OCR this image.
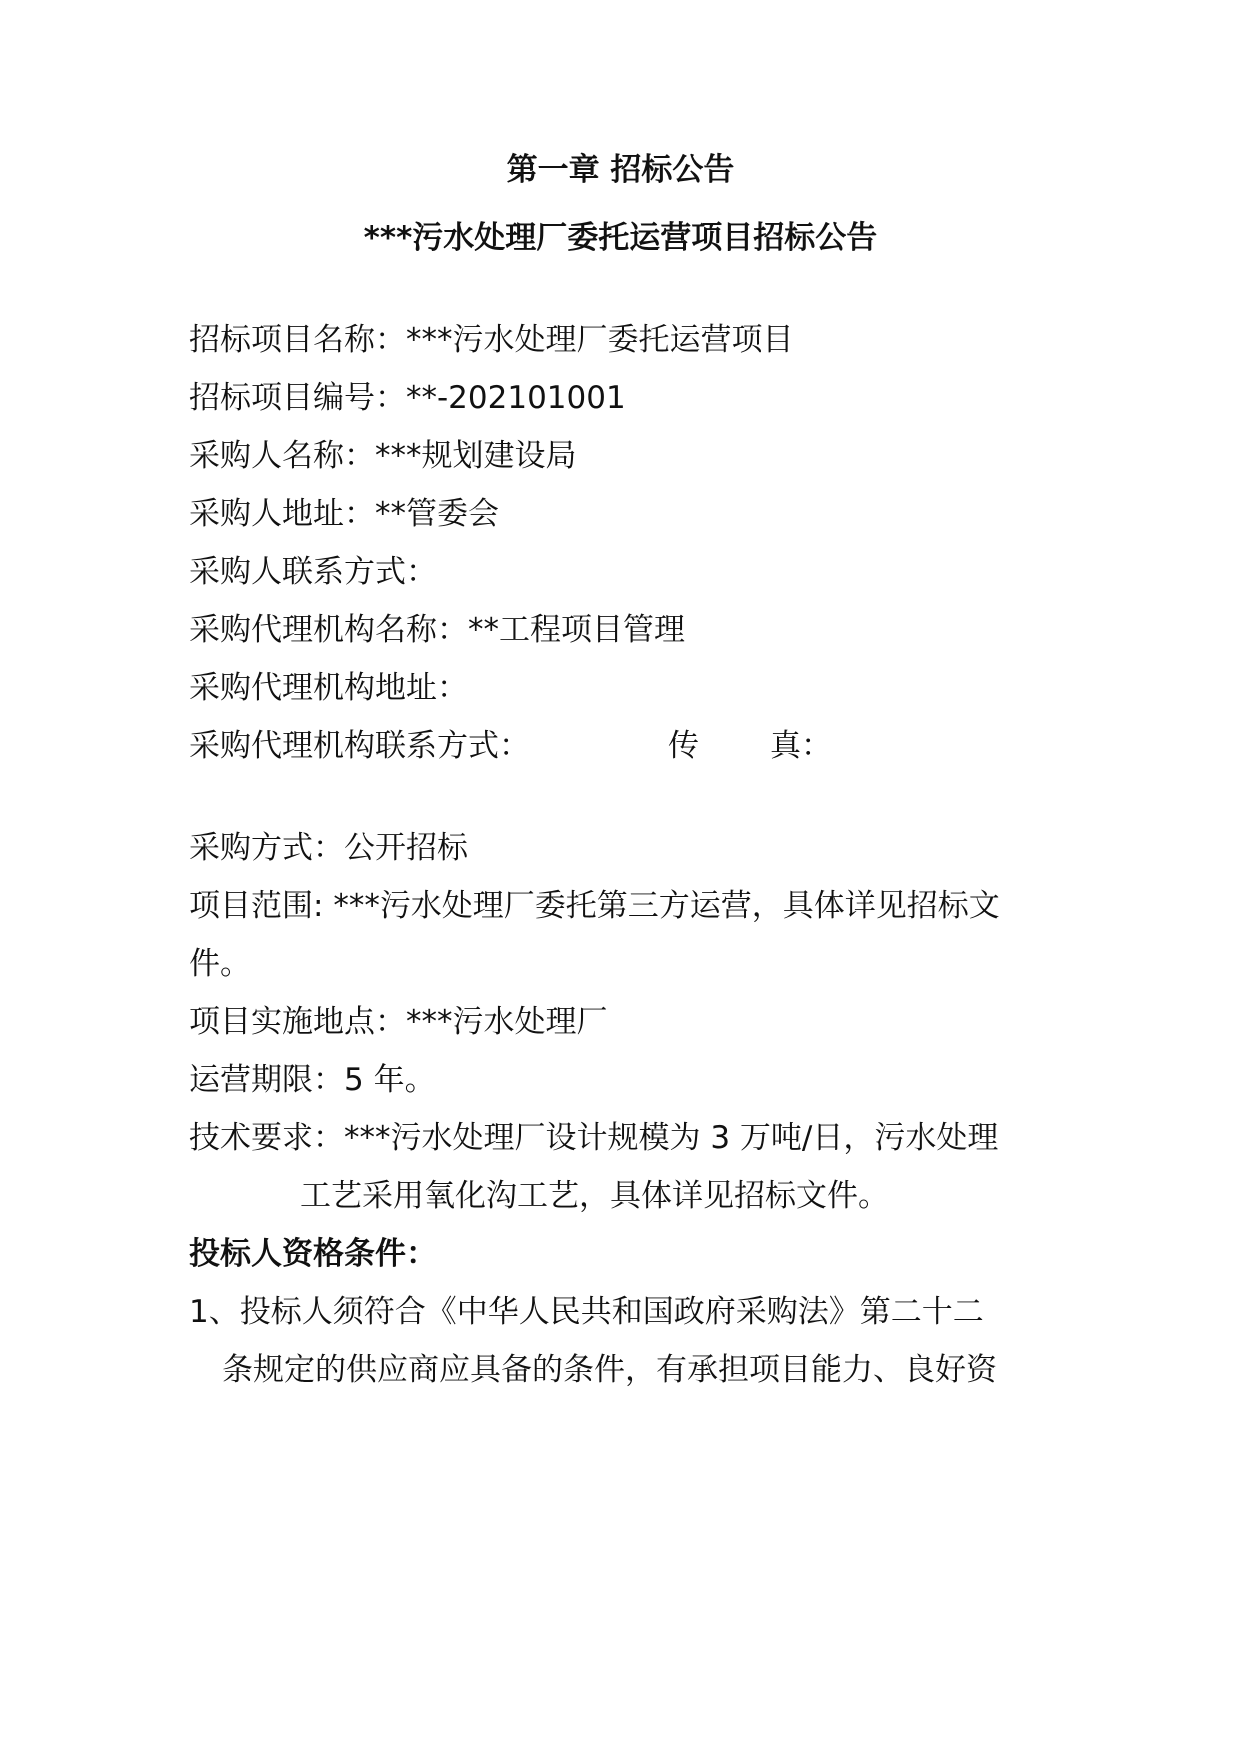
第一章 招标公告
***污水处理厂委托运营项目招标公告
招标项目名称：***污水处理厂委托运营项目
招标项目编号：**-202101001
采购人名称：***规划建设局
采购人地址：**管委会
采购人联系方式：
采购代理机构名称：**工程项目管理
采购代理机构地址：
采购代理机构联系方式：	传 真：
采购方式：公开招标
项目范围: ***污水处理厂委托第三方运营，具体详见招标文
件。
项目实施地点：***污水处理厂
运营期限：5 年。
技术要求：***污水处理厂设计规模为 3 万吨/日，污水处理
工艺采用氧化沟工艺，具体详见招标文件。
投标人资格条件：
1、投标人须符合《中华人民共和国政府采购法》第二十二
条规定的供应商应具备的条件，有承担项目能力、良好资
